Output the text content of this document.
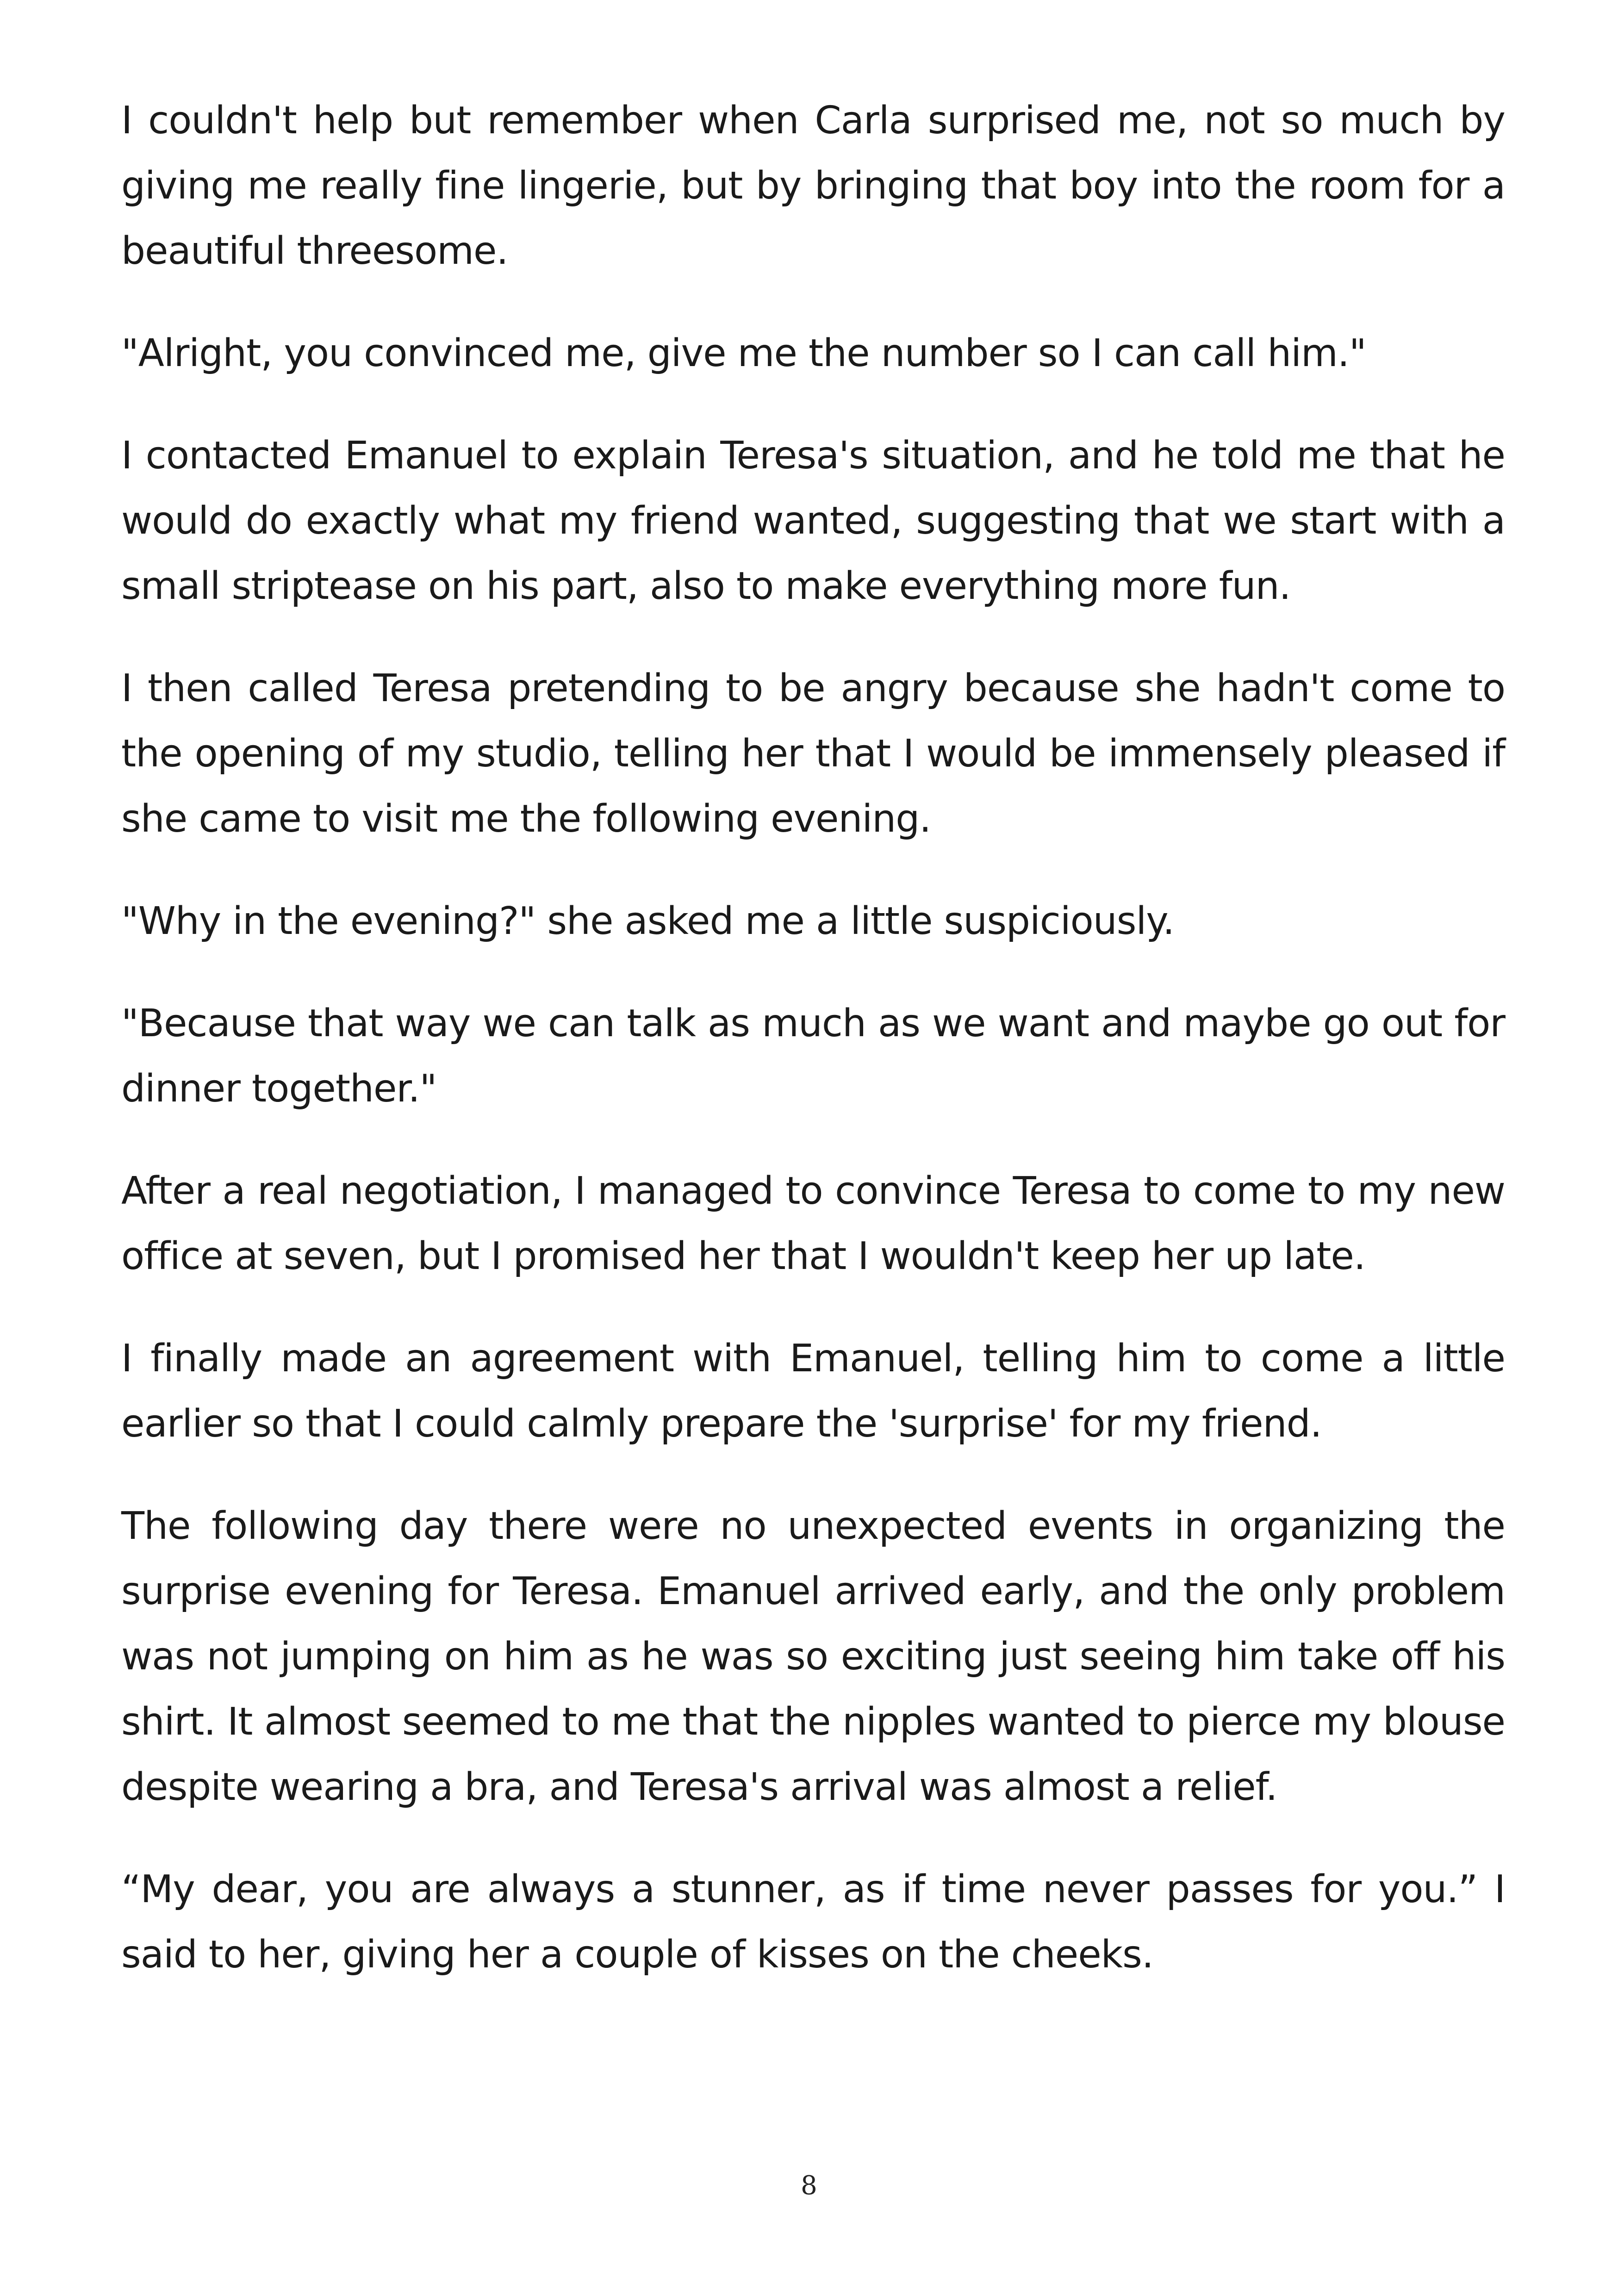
I couldn't help but remember when Carla surprised me, not so much by giving me really fine lingerie, but by bringing that boy into the room for a beautiful threesome.

"Alright, you convinced me, give me the number so I can call him."

I contacted Emanuel to explain Teresa's situation, and he told me that he would do exactly what my friend wanted, suggesting that we start with a small striptease on his part, also to make everything more fun.

I then called Teresa pretending to be angry because she hadn't come to the opening of my studio, telling her that I would be immensely pleased if she came to visit me the following evening.

"Why in the evening?" she asked me a little suspiciously.

"Because that way we can talk as much as we want and maybe go out for dinner together."

After a real negotiation, I managed to convince Teresa to come to my new office at seven, but I promised her that I wouldn't keep her up late.

I finally made an agreement with Emanuel, telling him to come a little earlier so that I could calmly prepare the 'surprise' for my friend.

The following day there were no unexpected events in organizing the surprise evening for Teresa. Emanuel arrived early, and the only problem was not jumping on him as he was so exciting just seeing him take off his shirt. It almost seemed to me that the nipples wanted to pierce my blouse despite wearing a bra, and Teresa's arrival was almost a relief.

“My dear, you are always a stunner, as if time never passes for you.” I said to her, giving her a couple of kisses on the cheeks.

8
